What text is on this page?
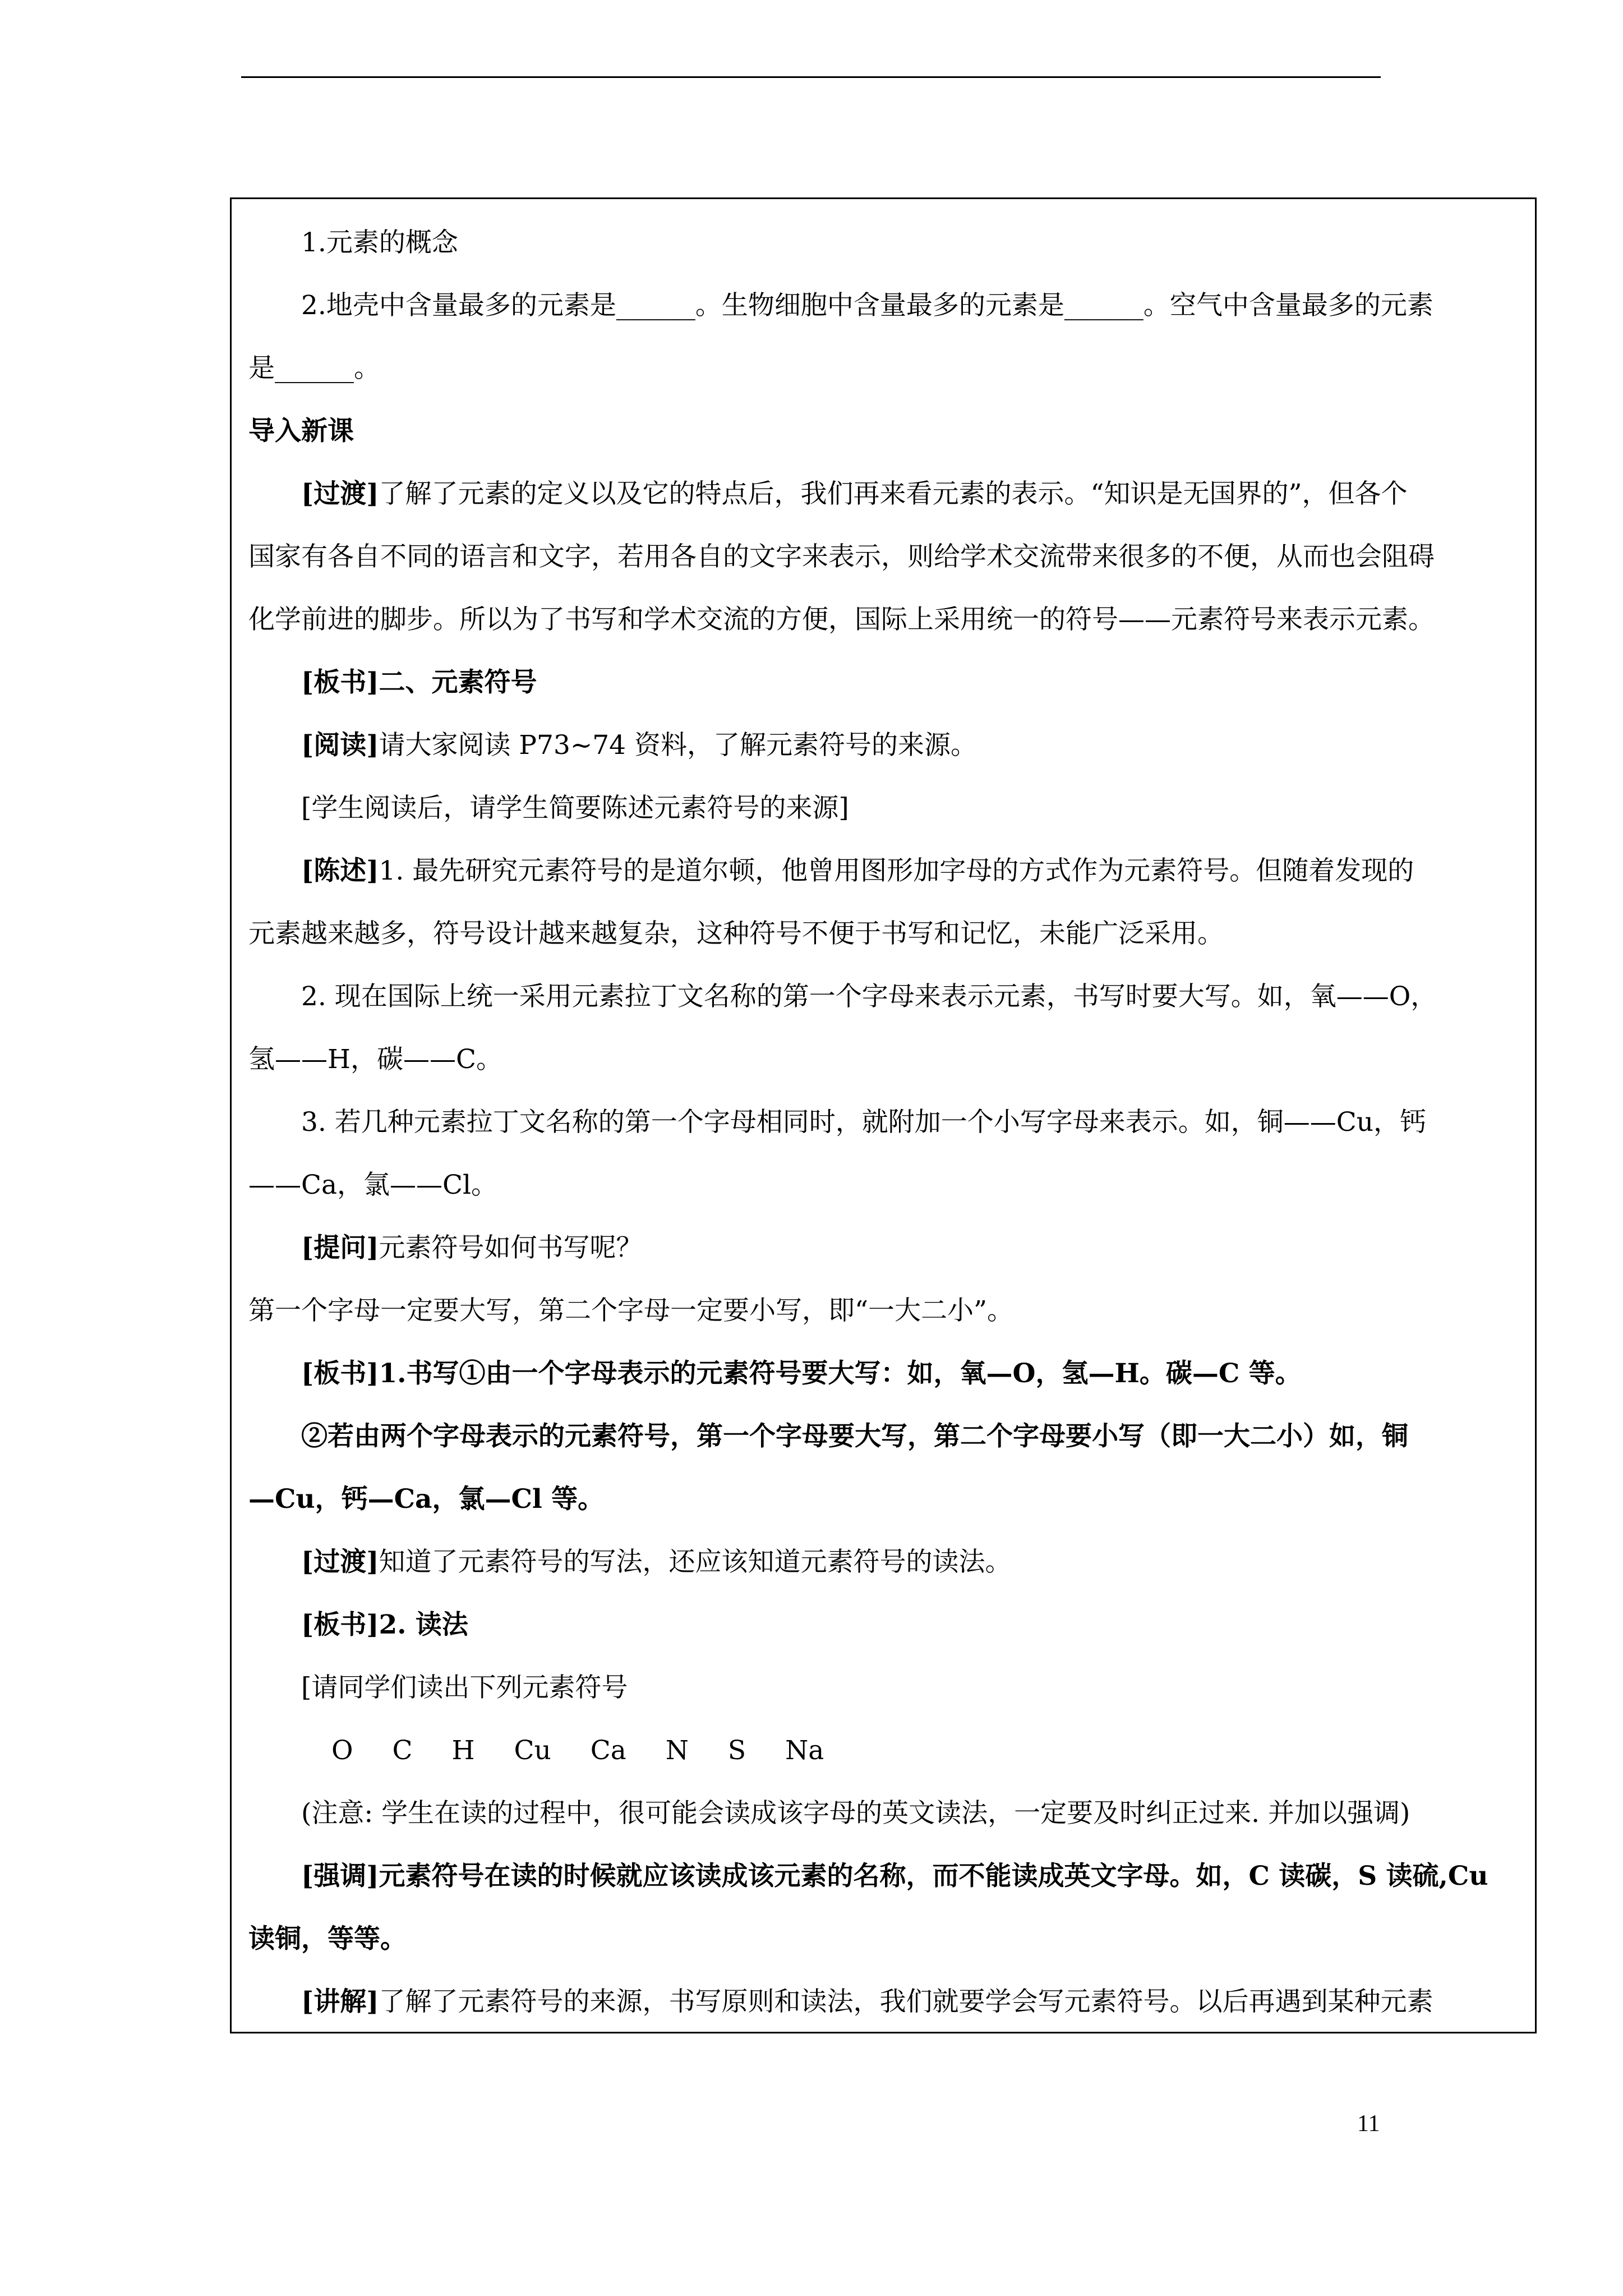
1.元素的概念

2.地壳中含量最多的元素是______。生物细胞中含量最多的元素是______。空气中含量最多的元素

是______。

导入新课

[过渡]了解了元素的定义以及它的特点后，我们再来看元素的表示。“知识是无国界的”，但各个

国家有各自不同的语言和文字，若用各自的文字来表示，则给学术交流带来很多的不便，从而也会阻碍

化学前进的脚步。所以为了书写和学术交流的方便，国际上采用统一的符号——元素符号来表示元素。

[板书]二、元素符号

[阅读]请大家阅读 P73~74 资料，了解元素符号的来源。

[学生阅读后，请学生简要陈述元素符号的来源]

[陈述]1. 最先研究元素符号的是道尔顿，他曾用图形加字母的方式作为元素符号。但随着发现的

元素越来越多，符号设计越来越复杂，这种符号不便于书写和记忆，未能广泛采用。

2. 现在国际上统一采用元素拉丁文名称的第一个字母来表示元素，书写时要大写。如，氧——O，

氢——H，碳——C。

3. 若几种元素拉丁文名称的第一个字母相同时，就附加一个小写字母来表示。如，铜——Cu，钙

——Ca，氯——Cl。

[提问]元素符号如何书写呢？

第一个字母一定要大写，第二个字母一定要小写，即“一大二小”。

[板书]1.书写①由一个字母表示的元素符号要大写：如，氧—O，氢—H。碳—C 等。

②若由两个字母表示的元素符号，第一个字母要大写，第二个字母要小写（即一大二小）如，铜

—Cu，钙—Ca，氯—Cl 等。

[过渡]知道了元素符号的写法，还应该知道元素符号的读法。

[板书]2. 读法

[请同学们读出下列元素符号

O C H Cu Ca N S Na

(注意: 学生在读的过程中，很可能会读成该字母的英文读法，一定要及时纠正过来. 并加以强调)

[强调]元素符号在读的时候就应该读成该元素的名称，而不能读成英文字母。如，C 读碳，S 读硫,Cu

读铜，等等。

[讲解]了解了元素符号的来源，书写原则和读法，我们就要学会写元素符号。以后再遇到某种元素

11
